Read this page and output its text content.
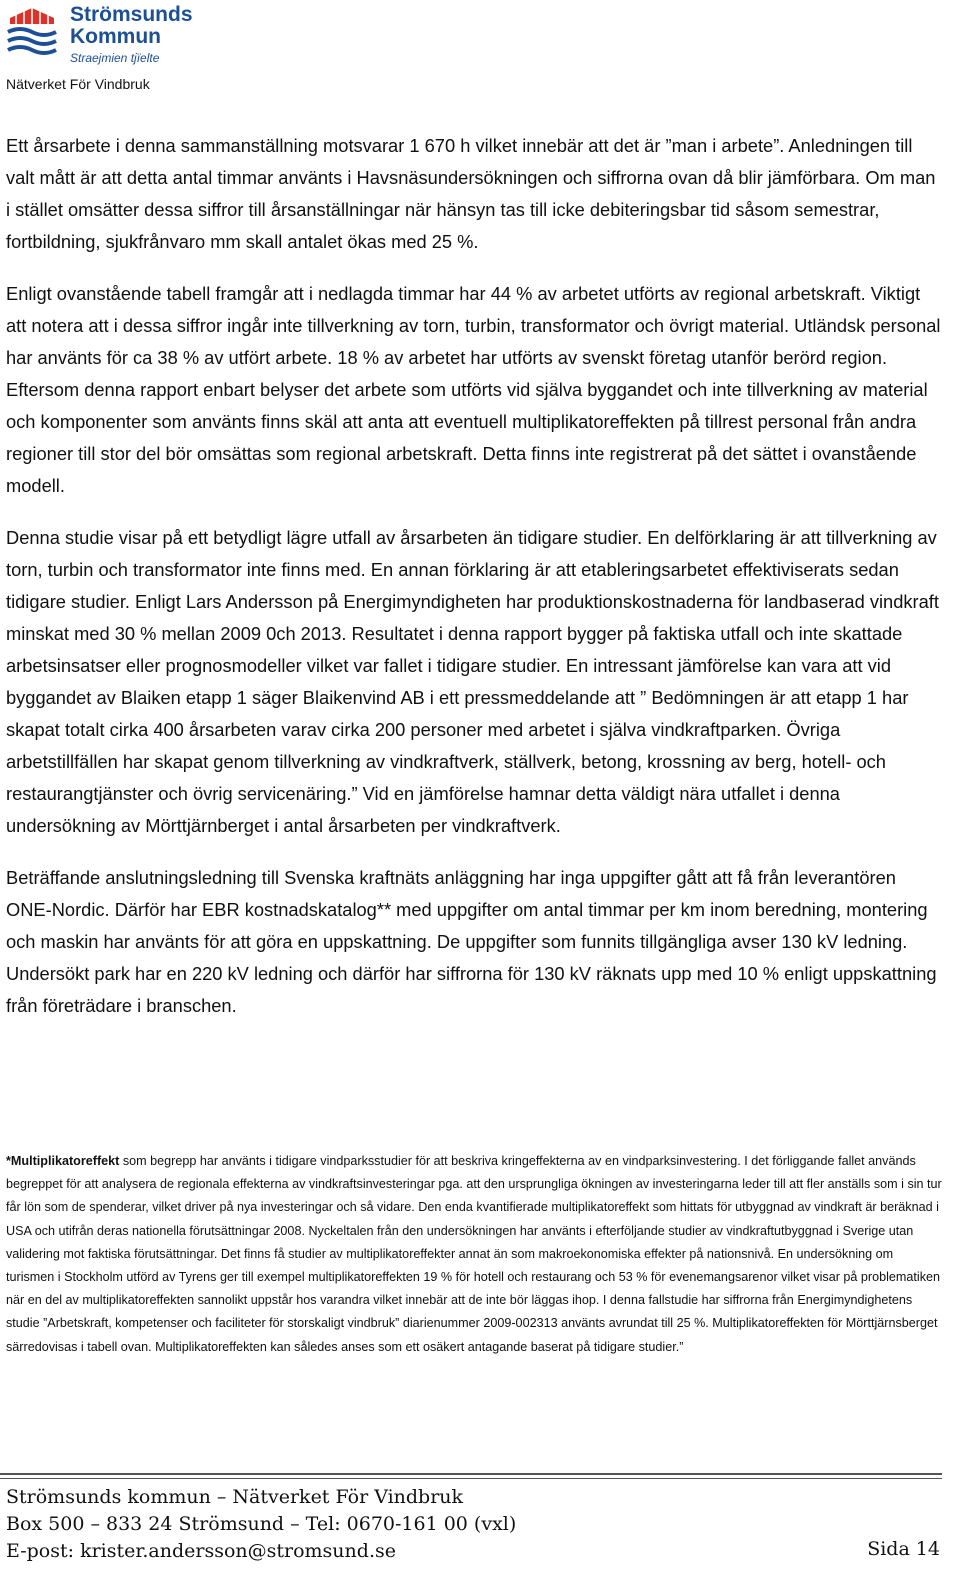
Strömsunds
Kommun
Straejmien tjïelte
Nätverket För Vindbruk

Ett årsarbete i denna sammanställning motsvarar 1 670 h vilket innebär att det är ”man i arbete”. Anledningen till valt mått är att detta antal timmar använts i Havsnäsundersökningen och siffrorna ovan då blir jämförbara. Om man i stället omsätter dessa siffror till årsanställningar när hänsyn tas till icke debiteringsbar tid såsom semestrar, fortbildning, sjukfrånvaro mm skall antalet ökas med 25 %.

Enligt ovanstående tabell framgår att i nedlagda timmar har 44 % av arbetet utförts av regional arbetskraft. Viktigt att notera att i dessa siffror ingår inte tillverkning av torn, turbin, transformator och övrigt material. Utländsk personal har använts för ca 38 % av utfört arbete. 18 % av arbetet har utförts av svenskt företag utanför berörd region. Eftersom denna rapport enbart belyser det arbete som utförts vid själva byggandet och inte tillverkning av material och komponenter som använts finns skäl att anta att eventuell multiplikatoreffekten på tillrest personal från andra regioner till stor del bör omsättas som regional arbetskraft. Detta finns inte registrerat på det sättet i ovanstående modell.

Denna studie visar på ett betydligt lägre utfall av årsarbeten än tidigare studier. En delförklaring är att tillverkning av torn, turbin och transformator inte finns med. En annan förklaring är att etableringsarbetet effektiviserats sedan tidigare studier. Enligt Lars Andersson på Energimyndigheten har produktionskostnaderna för landbaserad vindkraft minskat med 30 % mellan 2009 0ch 2013. Resultatet i denna rapport bygger på faktiska utfall och inte skattade arbetsinsatser eller prognosmodeller vilket var fallet i tidigare studier. En intressant jämförelse kan vara att vid byggandet av Blaiken etapp 1 säger Blaikenvind AB i ett pressmeddelande att ” Bedömningen är att etapp 1 har skapat totalt cirka 400 årsarbeten varav cirka 200 personer med arbetet i själva vindkraftparken. Övriga arbetstillfällen har skapat genom tillverkning av vindkraftverk, ställverk, betong, krossning av berg, hotell- och restaurangtjänster och övrig servicenäring.” Vid en jämförelse hamnar detta väldigt nära utfallet i denna undersökning av Mörttjärnberget i antal årsarbeten per vindkraftverk.

Beträffande anslutningsledning till Svenska kraftnäts anläggning har inga uppgifter gått att få från leverantören ONE-Nordic. Därför har EBR kostnadskatalog** med uppgifter om antal timmar per km inom beredning, montering och maskin har använts för att göra en uppskattning. De uppgifter som funnits tillgängliga avser 130 kV ledning. Undersökt park har en 220 kV ledning och därför har siffrorna för 130 kV räknats upp med 10 % enligt uppskattning från företrädare i branschen.

*Multiplikatoreffekt som begrepp har använts i tidigare vindparksstudier för att beskriva kringeffekterna av en vindparksinvestering. I det förliggande fallet används begreppet för att analysera de regionala effekterna av vindkraftsinvesteringar pga. att den ursprungliga ökningen av investeringarna leder till att fler anställs som i sin tur får lön som de spenderar, vilket driver på nya investeringar och så vidare. Den enda kvantifierade multiplikatoreffekt som hittats för utbyggnad av vindkraft är beräknad i USA och utifrån deras nationella förutsättningar 2008. Nyckeltalen från den undersökningen har använts i efterföljande studier av vindkraftutbyggnad i Sverige utan validering mot faktiska förutsättningar. Det finns få studier av multiplikatoreffekter annat än som makroekonomiska effekter på nationsnivå. En undersökning om turismen i Stockholm utförd av Tyrens ger till exempel multiplikatoreffekten 19 % för hotell och restaurang och 53 % för evenemangsarenor vilket visar på problematiken när en del av multiplikatoreffekten sannolikt uppstår hos varandra vilket innebär att de inte bör läggas ihop. I denna fallstudie har siffrorna från Energimyndighetens studie ”Arbetskraft, kompetenser och faciliteter för storskaligt vindbruk” diarienummer 2009-002313 använts avrundat till 25 %. Multiplikatoreffekten för Mörttjärnsberget särredovisas i tabell ovan. Multiplikatoreffekten kan således anses som ett osäkert antagande baserat på tidigare studier.”
Strömsunds kommun – Nätverket För Vindbruk
Box 500 – 833 24 Strömsund – Tel: 0670-161 00 (vxl)
E-post: krister.andersson@stromsund.se	Sida 14
